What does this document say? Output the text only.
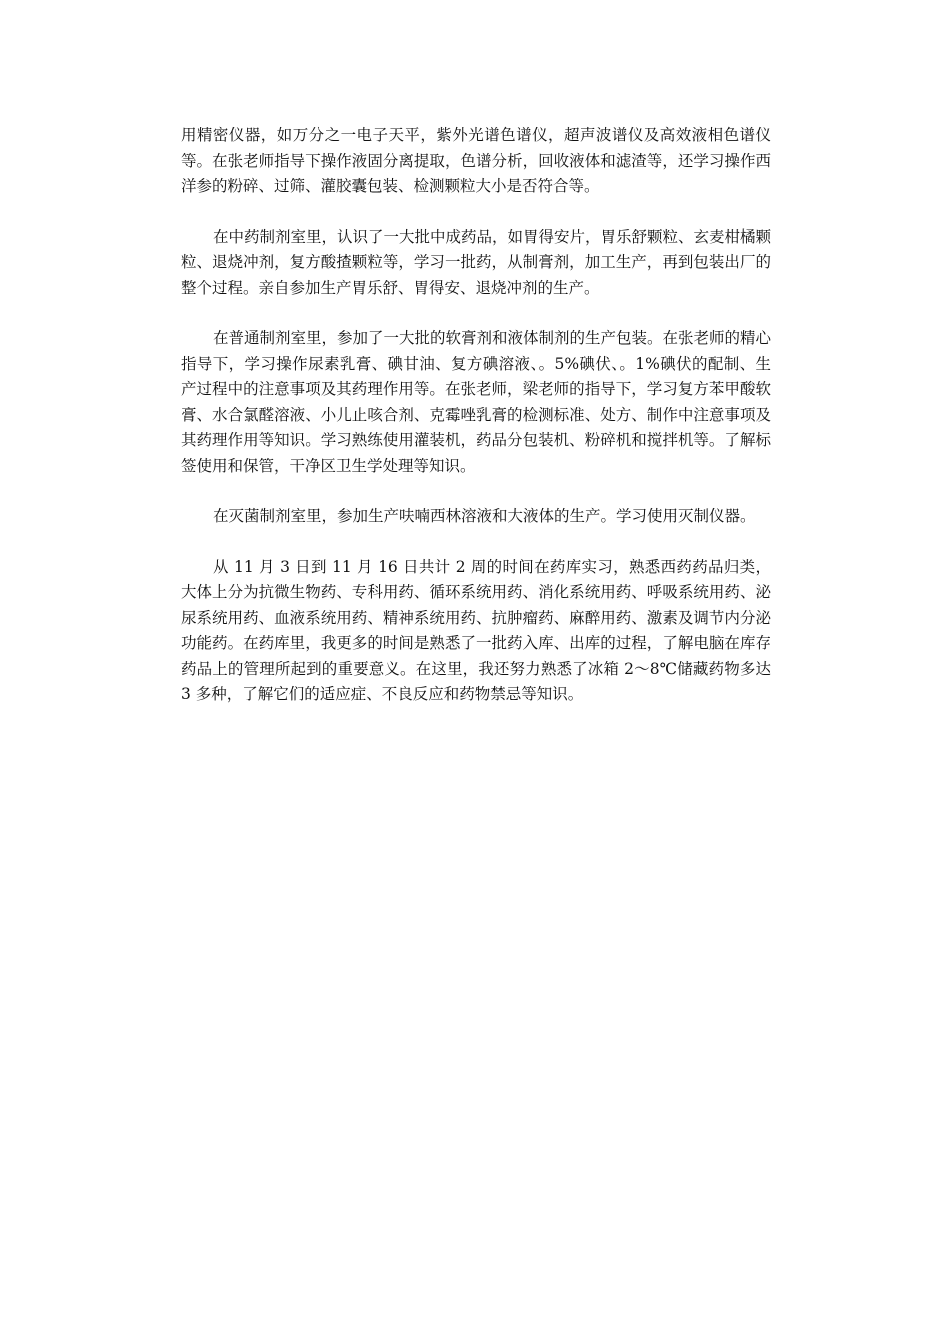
用精密仪器，如万分之一电子天平，紫外光谱色谱仪，超声波谱仪及高效液相色谱仪等。在张老师指导下操作液固分离提取，色谱分析，回收液体和滤渣等，还学习操作西洋参的粉碎、过筛、灌胶囊包装、检测颗粒大小是否符合等。

在中药制剂室里，认识了一大批中成药品，如胃得安片，胃乐舒颗粒、玄麦柑橘颗粒、退烧冲剂，复方酸揸颗粒等，学习一批药，从制膏剂，加工生产，再到包装出厂的整个过程。亲自参加生产胃乐舒、胃得安、退烧冲剂的生产。

在普通制剂室里，参加了一大批的软膏剂和液体制剂的生产包装。在张老师的精心指导下，学习操作尿素乳膏、碘甘油、复方碘溶液、。5%碘伏、。1%碘伏的配制、生产过程中的注意事项及其药理作用等。在张老师，梁老师的指导下，学习复方苯甲酸软膏、水合氯醛溶液、小儿止咳合剂、克霉唑乳膏的检测标准、处方、制作中注意事项及其药理作用等知识。学习熟练使用灌装机，药品分包装机、粉碎机和搅拌机等。了解标签使用和保管，干净区卫生学处理等知识。

在灭菌制剂室里，参加生产呋喃西林溶液和大液体的生产。学习使用灭制仪器。

从 11 月 3 日到 11 月 16 日共计 2 周的时间在药库实习，熟悉西药药品归类，大体上分为抗微生物药、专科用药、循环系统用药、消化系统用药、呼吸系统用药、泌尿系统用药、血液系统用药、精神系统用药、抗肿瘤药、麻醉用药、激素及调节内分泌功能药。在药库里，我更多的时间是熟悉了一批药入库、出库的过程，了解电脑在库存药品上的管理所起到的重要意义。在这里，我还努力熟悉了冰箱 2～8℃储藏药物多达 3 多种，了解它们的适应症、不良反应和药物禁忌等知识。
